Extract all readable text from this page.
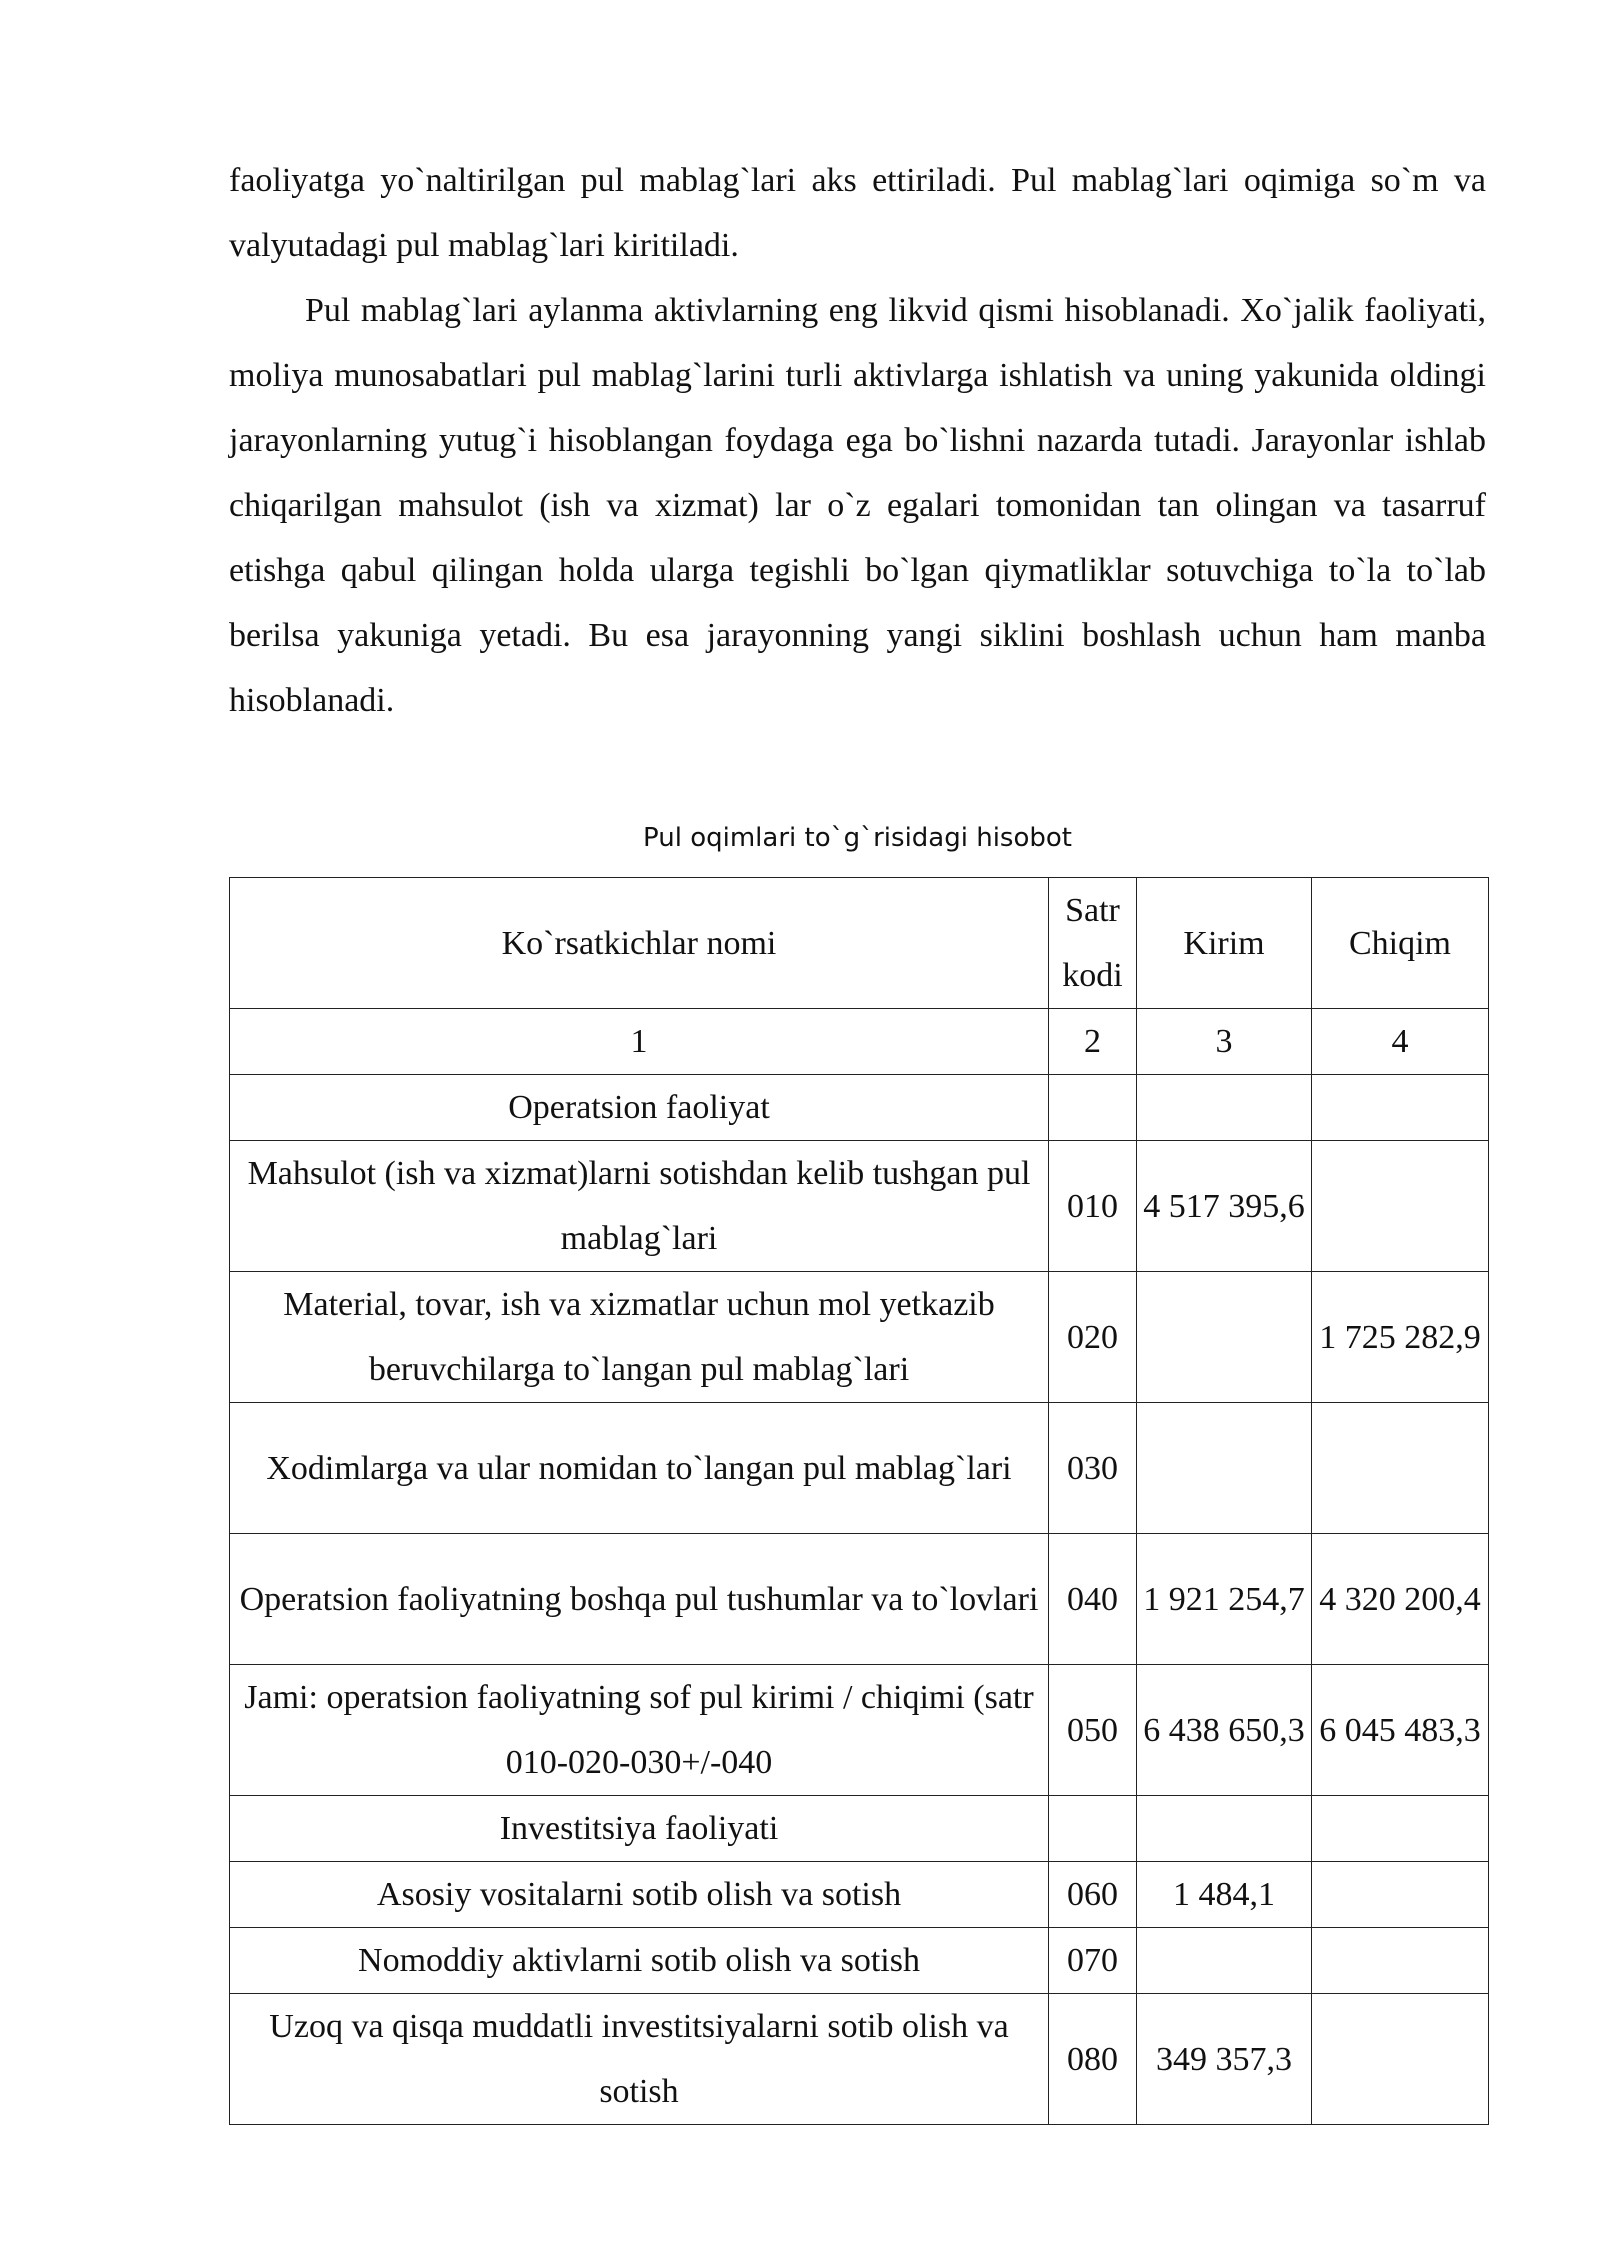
faoliyatga yo`naltirilgan pul mablag`lari aks ettiriladi. Pul mablag`lari oqimiga so`m va valyutadagi pul mablag`lari kiritiladi.

Pul mablag`lari aylanma aktivlarning eng likvid qismi hisoblanadi. Xo`jalik faoliyati, moliya munosabatlari pul mablag`larini turli aktivlarga ishlatish va uning yakunida oldingi jarayonlarning yutug`i hisoblangan foydaga ega bo`lishni nazarda tutadi. Jarayonlar ishlab chiqarilgan mahsulot (ish va xizmat) lar o`z egalari tomonidan tan olingan va tasarruf etishga qabul qilingan holda ularga tegishli bo`lgan qiymatliklar sotuvchiga to`la to`lab berilsa yakuniga yetadi. Bu esa jarayonning yangi siklini boshlash uchun ham manba hisoblanadi.

Pul oqimlari to`g`risidagi hisobot
Ko`rsatkichlar nomi	Satr kodi	Kirim	Chiqim
1	2	3	4
Operatsion faoliyat			
Mahsulot (ish va xizmat)larni sotishdan kelib tushgan pul mablag`lari	010	4 517 395,6	
Material, tovar, ish va xizmatlar uchun mol yetkazib beruvchilarga to`langan pul mablag`lari	020		1 725 282,9
Xodimlarga va ular nomidan to`langan pul mablag`lari	030		
Operatsion faoliyatning boshqa pul tushumlar va to`lovlari	040	1 921 254,7	4 320 200,4
Jami: operatsion faoliyatning sof pul kirimi / chiqimi (satr 010-020-030+/-040	050	6 438 650,3	6 045 483,3
Investitsiya faoliyati			
Asosiy vositalarni sotib olish va sotish	060	1 484,1	
Nomoddiy aktivlarni sotib olish va sotish	070		
Uzoq va qisqa muddatli investitsiyalarni sotib olish va sotish	080	349 357,3	
